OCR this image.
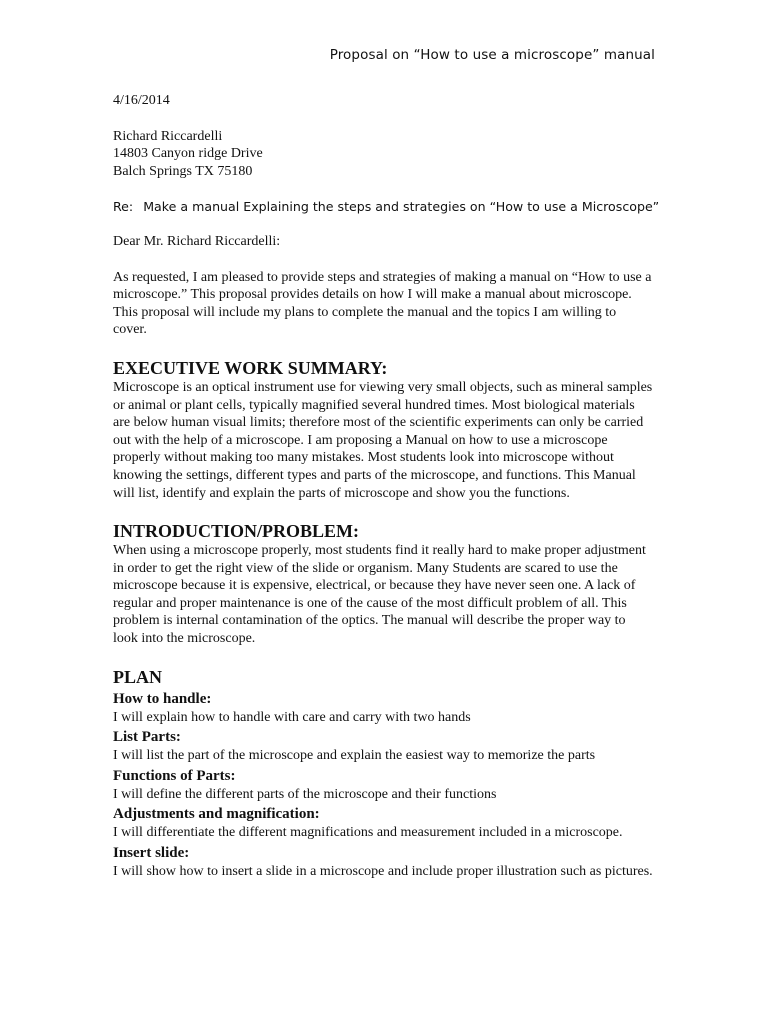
Proposal on “How to use a microscope” manual

4/16/2014

Richard Riccardelli
14803 Canyon ridge Drive
Balch Springs TX 75180

Re: Make a manual Explaining the steps and strategies on “How to use a Microscope”

Dear Mr. Richard Riccardelli:

As requested, I am pleased to provide steps and strategies of making a manual on “How to use a microscope.” This proposal provides details on how I will make a manual about microscope. This proposal will include my plans to complete the manual and the topics I am willing to cover.

EXECUTIVE WORK SUMMARY:

Microscope is an optical instrument use for viewing very small objects, such as mineral samples or animal or plant cells, typically magnified several hundred times. Most biological materials are below human visual limits; therefore most of the scientific experiments can only be carried out with the help of a microscope. I am proposing a Manual on how to use a microscope properly without making too many mistakes. Most students look into microscope without knowing the settings, different types and parts of the microscope, and functions. This Manual will list, identify and explain the parts of microscope and show you the functions.

INTRODUCTION/PROBLEM:

When using a microscope properly, most students find it really hard to make proper adjustment in order to get the right view of the slide or organism. Many Students are scared to use the microscope because it is expensive, electrical, or because they have never seen one. A lack of regular and proper maintenance is one of the cause of the most difficult problem of all. This problem is internal contamination of the optics. The manual will describe the proper way to look into the microscope.

PLAN
How to handle:

I will explain how to handle with care and carry with two hands

List Parts:

I will list the part of the microscope and explain the easiest way to memorize the parts

Functions of Parts:

I will define the different parts of the microscope and their functions

Adjustments and magnification:

I will differentiate the different magnifications and measurement included in a microscope.

Insert slide:

I will show how to insert a slide in a microscope and include proper illustration such as pictures.
